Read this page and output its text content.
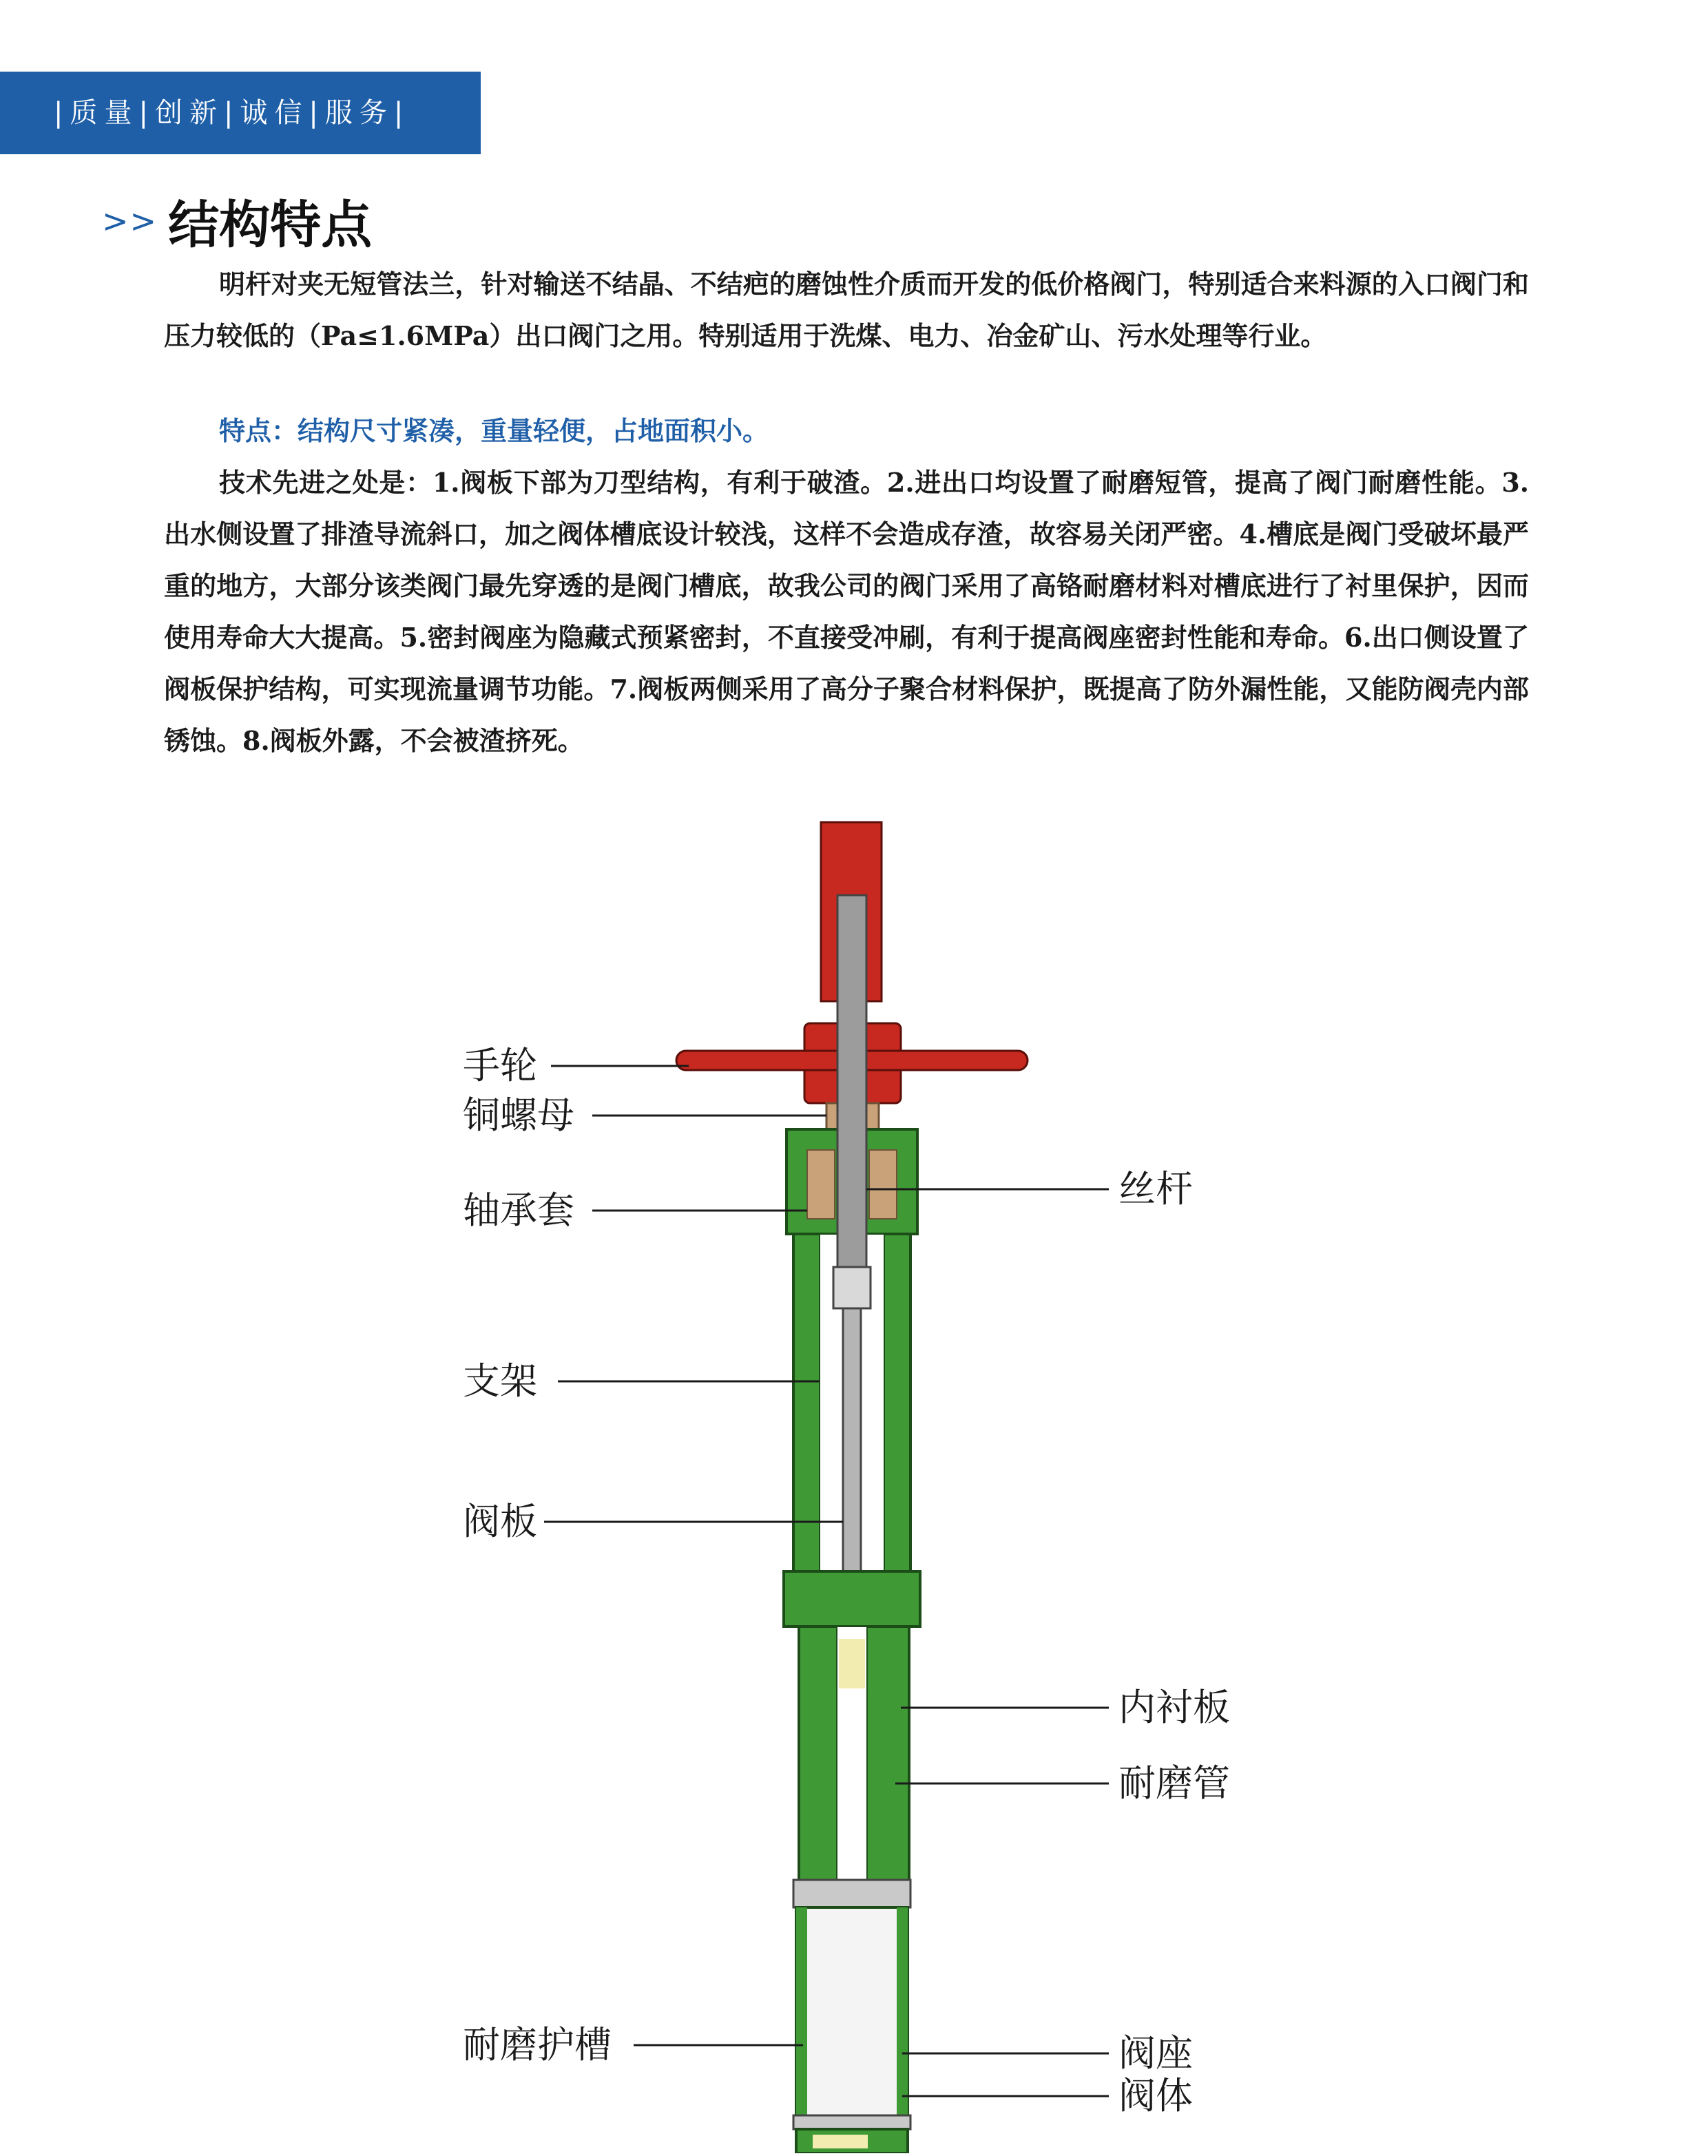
|质量|创新|诚信|服务|
>> 结构特点

明杆对夹无短管法兰，针对输送不结晶、不结疤的磨蚀性介质而开发的低价格阀门，特别适合来料源的入口阀门和压力较低的（Pa≤1.6MPa）出口阀门之用。特别适用于洗煤、电力、冶金矿山、污水处理等行业。

特点：结构尺寸紧凑，重量轻便，占地面积小。

技术先进之处是：1.阀板下部为刀型结构，有利于破渣。2.进出口均设置了耐磨短管，提高了阀门耐磨性能。3.出水侧设置了排渣导流斜口，加之阀体槽底设计较浅，这样不会造成存渣，故容易关闭严密。4.槽底是阀门受破坏最严重的地方，大部分该类阀门最先穿透的是阀门槽底，故我公司的阀门采用了高铬耐磨材料对槽底进行了衬里保护，因而使用寿命大大提高。5.密封阀座为隐藏式预紧密封，不直接受冲刷，有利于提高阀座密封性能和寿命。6.出口侧设置了阀板保护结构，可实现流量调节功能。7.阀板两侧采用了高分子聚合材料保护，既提高了防外漏性能，又能防阀壳内部锈蚀。8.阀板外露，不会被渣挤死。

手轮
铜螺母
轴承套
支架
阀板
耐磨护槽
丝杆
内衬板
耐磨管
阀座
阀体
